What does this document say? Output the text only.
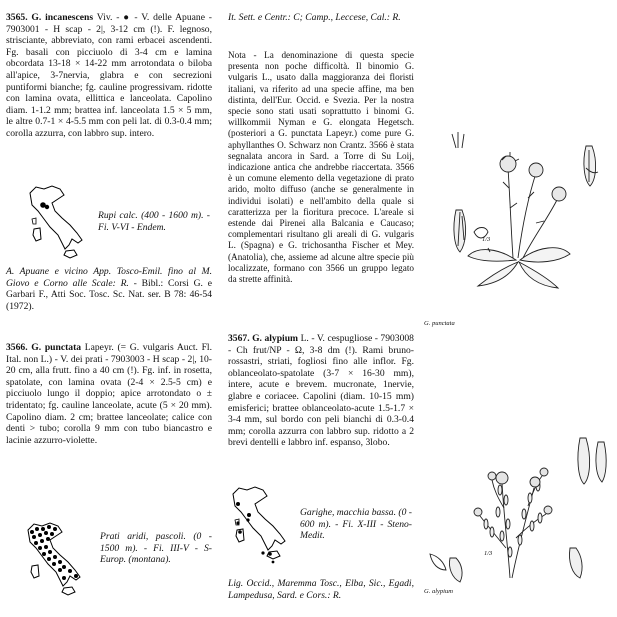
3565. G. incanescens Viv. - ● - V. delle Apuane - 7903001 - H scap - 2|, 3-12 cm (!). F. legnoso, strisciante, abbreviato, con rami erbacei ascendenti. Fg. basali con picciuolo di 3-4 cm e lamina obcordata 13-18 × 14-22 mm arrotondata o biloba all'apice, 3-7nervia, glabra e con secrezioni puntiformi bianche; fg. cauline progressivam. ridotte con lamina ovata, ellittica e lanceolata. Capolino diam. 1-1.2 mm; brattea inf. lanceolata 1.5 × 5 mm, le altre 0.7-1 × 4-5.5 mm con peli lat. di 0.3-0.4 mm; corolla azzurra, con labbro sup. intero.

Rupi calc. (400 - 1600 m). - Fi. V-VI - Endem.
A. Apuane e vicino App. Tosco-Emil. fino al M. Giovo e Corno alle Scale: R. - Bibl.: Corsi G. e Garbari F., Atti Soc. Tosc. Sc. Nat. ser. B 78: 46-54 (1972).

3566. G. punctata Lapeyr. (= G. vulgaris Auct. Fl. Ital. non L.) - V. dei prati - 7903003 - H scap - 2|, 10-20 cm, alla frutt. fino a 40 cm (!). Fg. inf. in rosetta, spatolate, con lamina ovata (2-4 × 2.5-5 cm) e picciuolo lungo il doppio; apice arrotondato o ± tridentato; fg. cauline lanceolate, acute (5 × 20 mm). Capolino diam. 2 cm; brattee lanceolate; calice con denti > tubo; corolla 9 mm con tubo biancastro e lacinie azzurro-violette.

Prati aridi, pascoli. (0 - 1500 m). - Fi. III-V - S-Europ. (montana).
It. Sett. e Centr.: C; Camp., Leccese, Cal.: R.
Nota - La denominazione di questa specie presenta non poche difficoltà. Il binomio G. vulgaris L., usato dalla maggioranza dei floristi italiani, va riferito ad una specie affine, ma ben distinta, dell'Eur. Occid. e Svezia. Per la nostra specie sono stati usati soprattutto i binomi G. willkommii Nyman e G. elongata Hegetsch. (posteriori a G. punctata Lapeyr.) come pure G. aphyllanthes O. Schwarz non Crantz. 3566 è stata segnalata ancora in Sard. a Torre di Su Loij, indicazione antica che andrebbe riaccertata. 3566 è un comune elemento della vegetazione di prato arido, molto diffuso (anche se generalmente in individui isolati) e nell'ambito della quale si caratterizza per la fioritura precoce. L'areale si estende dai Pirenei alla Balcania e Caucaso; complementari risultano gli areali di G. vulgaris L. (Spagna) e G. trichosantha Fischer et Mey. (Anatolia), che, assieme ad alcune altre specie più localizzate, formano con 3566 un gruppo legato da strette affinità.

3567. G. alypium L. - V. cespugliose - 7903008 - Ch frut/NP - Ω, 3-8 dm (!). Rami bruno-rossastri, striati, fogliosi fino alle inflor. Fg. oblanceolato-spatolate (3-7 × 16-30 mm), intere, acute e brevem. mucronate, 1nervie, glabre e coriacee. Capolini (diam. 10-15 mm) emisferici; brattee oblanceolato-acute 1.5-1.7 × 3-4 mm, sul bordo con peli bianchi di 0.3-0.4 mm; corolla azzurra con labbro sup. ridotto a 2 brevi dentelli e labbro inf. espanso, 3lobo.

Garighe, macchia bassa. (0 - 600 m). - Fi. X-III - Steno-Medit.
Lig. Occid., Maremma Tosc., Elba, Sic., Egadi, Lampedusa, Sard. e Cors.: R.
1/3
G. punctata
1/3
G. alypium
